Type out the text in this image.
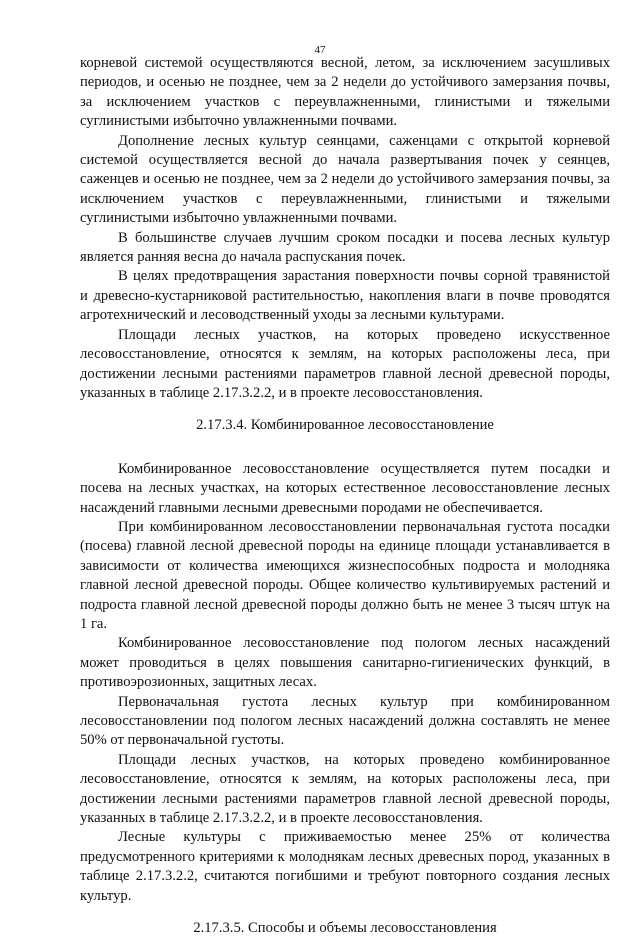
47

корневой системой осуществляются весной, летом, за исключением засушливых периодов, и осенью не позднее, чем за 2 недели до устойчивого замерзания почвы, за исключением участков с переувлажненными, глинистыми и тяжелыми суглинистыми избыточно увлажненными почвами.

Дополнение лесных культур сеянцами, саженцами с открытой корневой системой осуществляется весной до начала развертывания почек у сеянцев, саженцев и осенью не позднее, чем за 2 недели до устойчивого замерзания почвы, за исключением участков с переувлажненными, глинистыми и тяжелыми суглинистыми избыточно увлажненными почвами.

В большинстве случаев лучшим сроком посадки и посева лесных культур является ранняя весна до начала распускания почек.

В целях предотвращения зарастания поверхности почвы сорной травянистой и древесно-кустарниковой растительностью, накопления влаги в почве проводятся агротехнический и лесоводственный уходы за лесными культурами.

Площади лесных участков, на которых проведено искусственное лесовосстановление, относятся к землям, на которых расположены леса, при достижении лесными растениями параметров главной лесной древесной породы, указанных в таблице 2.17.3.2.2, и в проекте лесовосстановления.

2.17.3.4. Комбинированное лесовосстановление

Комбинированное лесовосстановление осуществляется путем посадки и посева на лесных участках, на которых естественное лесовосстановление лесных насаждений главными лесными древесными породами не обеспечивается.

При комбинированном лесовосстановлении первоначальная густота посадки (посева) главной лесной древесной породы на единице площади устанавливается в зависимости от количества имеющихся жизнеспособных подроста и молодняка главной лесной древесной породы. Общее количество культивируемых растений и подроста главной лесной древесной породы должно быть не менее 3 тысяч штук на 1 га.

Комбинированное лесовосстановление под пологом лесных насаждений может проводиться в целях повышения санитарно-гигиенических функций, в противоэрозионных, защитных лесах.

Первоначальная густота лесных культур при комбинированном лесовосстановлении под пологом лесных насаждений должна составлять не менее 50% от первоначальной густоты.

Площади лесных участков, на которых проведено комбинированное лесовосстановление, относятся к землям, на которых расположены леса, при достижении лесными растениями параметров главной лесной древесной породы, указанных в таблице 2.17.3.2.2, и в проекте лесовосстановления.

Лесные культуры с приживаемостью менее 25% от количества предусмотренного критериями к молоднякам лесных древесных пород, указанных в таблице 2.17.3.2.2, считаются погибшими и требуют повторного создания лесных культур.

2.17.3.5. Способы и объемы лесовосстановления
